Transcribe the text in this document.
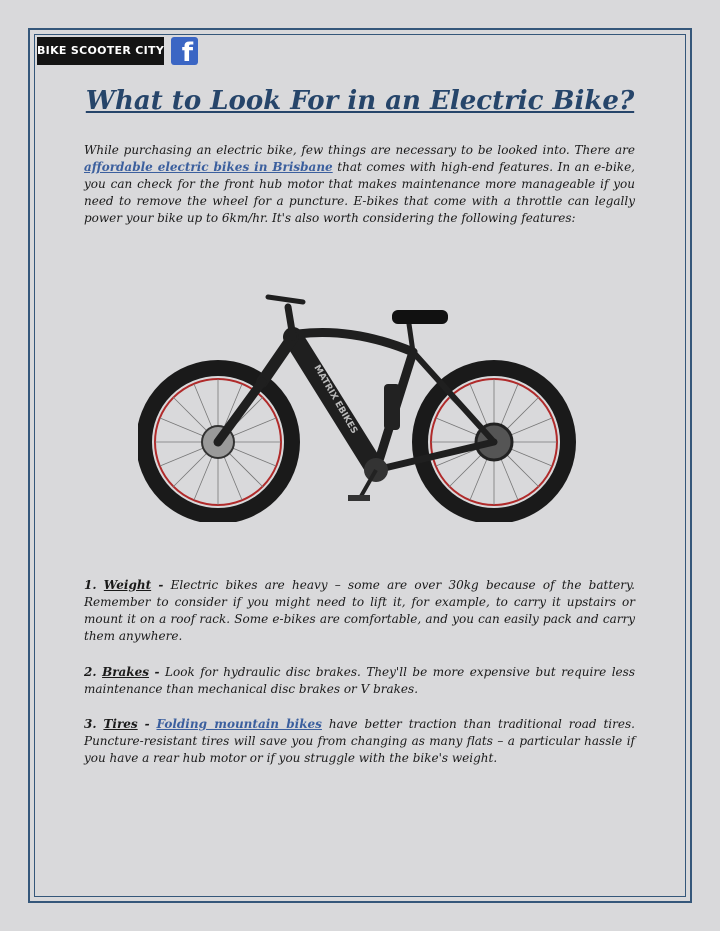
BIKE SCOOTER CITY f
What to Look For in an Electric Bike?

While purchasing an electric bike, few things are necessary to be looked into. There are affordable electric bikes in Brisbane that comes with high-end features. In an e-bike, you can check for the front hub motor that makes maintenance more manageable if you need to remove the wheel for a puncture. E-bikes that come with a throttle can legally power your bike up to 6km/hr. It's also worth considering the following features:

MATRIX EBIKES

1. Weight - Electric bikes are heavy – some are over 30kg because of the battery. Remember to consider if you might need to lift it, for example, to carry it upstairs or mount it on a roof rack. Some e-bikes are comfortable, and you can easily pack and carry them anywhere.

2. Brakes - Look for hydraulic disc brakes. They'll be more expensive but require less maintenance than mechanical disc brakes or V brakes.

3. Tires - Folding mountain bikes have better traction than traditional road tires. Puncture-resistant tires will save you from changing as many flats – a particular hassle if you have a rear hub motor or if you struggle with the bike's weight.
